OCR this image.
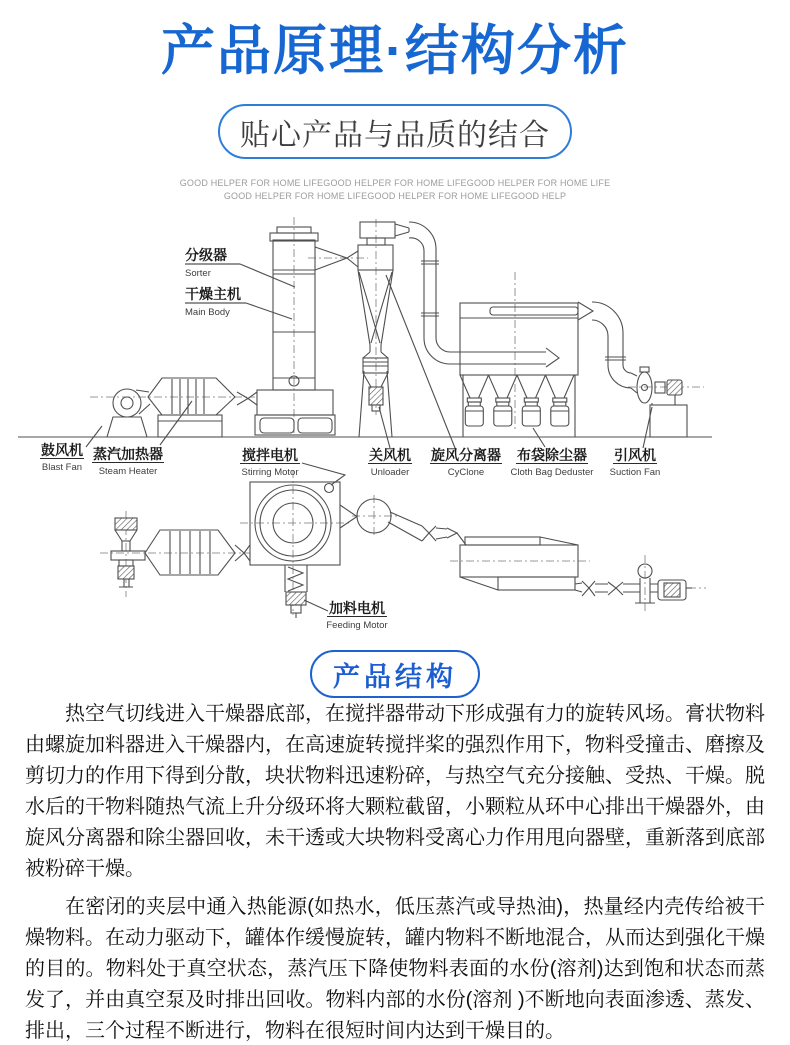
产品原理·结构分析
贴心产品与品质的结合
GOOD HELPER FOR HOME LIFEGOOD HELPER FOR HOME LIFEGOOD HELPER FOR HOME LIFE
GOOD HELPER FOR HOME LIFEGOOD HELPER FOR HOME LIFEGOOD HELP
分级器
Sorter
干燥主机
Main Body
鼓风机
Blast Fan
蒸汽加热器
Steam Heater
搅拌电机
Stirring Motor
关风机
Unloader
旋风分离器
CyClone
布袋除尘器
Cloth Bag Deduster
引风机
Suction Fan
加料电机
Feeding Motor
产品结构

热空气切线进入干燥器底部，在搅拌器带动下形成强有力的旋转风场。膏状物料由螺旋加料器进入干燥器内，在高速旋转搅拌桨的强烈作用下，物料受撞击、磨擦及剪切力的作用下得到分散，块状物料迅速粉碎，与热空气充分接触、受热、干燥。脱水后的干物料随热气流上升分级环将大颗粒截留，小颗粒从环中心排出干燥器外，由旋风分离器和除尘器回收，未干透或大块物料受离心力作用甩向器壁，重新落到底部被粉碎干燥。

在密闭的夹层中通入热能源(如热水，低压蒸汽或导热油)，热量经内壳传给被干燥物料。在动力驱动下，罐体作缓慢旋转，罐内物料不断地混合，从而达到强化干燥的目的。物料处于真空状态，蒸汽压下降使物料表面的水份(溶剂)达到饱和状态而蒸发了，并由真空泵及时排出回收。物料内部的水份(溶剂 )不断地向表面渗透、蒸发、排出，三个过程不断进行，物料在很短时间内达到干燥目的。
